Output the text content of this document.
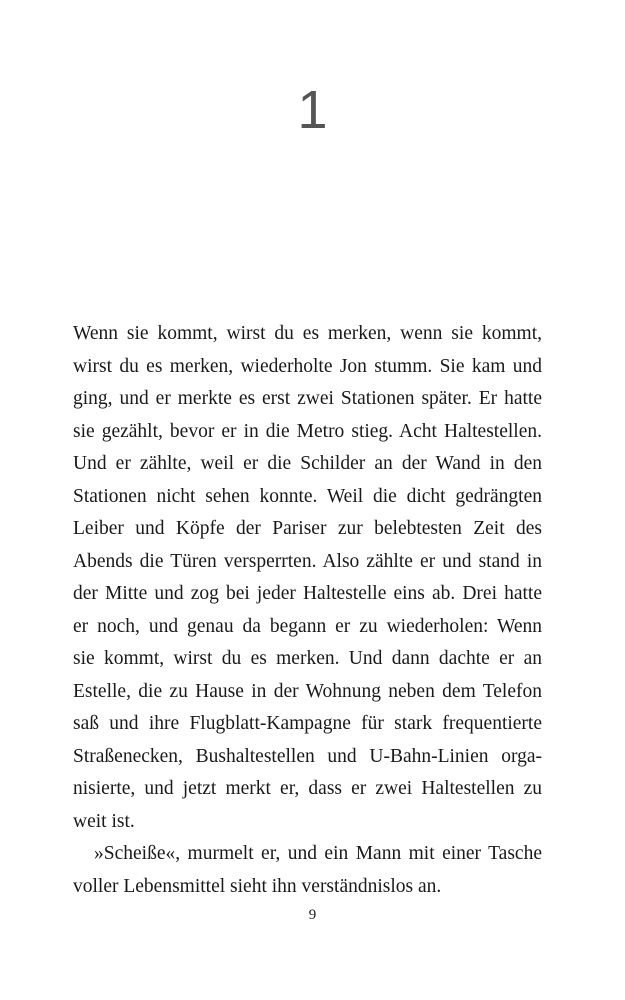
1
Wenn sie kommt, wirst du es merken, wenn sie kommt,
wirst du es merken, wiederholte Jon stumm. Sie kam und
ging, und er merkte es erst zwei Stationen später. Er hatte
sie gezählt, bevor er in die Metro stieg. Acht Haltestellen.
Und er zählte, weil er die Schilder an der Wand in den
Stationen nicht sehen konnte. Weil die dicht gedrängten
Leiber und Köpfe der Pariser zur belebtesten Zeit des
Abends die Türen versperrten. Also zählte er und stand in
der Mitte und zog bei jeder Haltestelle eins ab. Drei hatte
er noch, und genau da begann er zu wiederholen: Wenn
sie kommt, wirst du es merken. Und dann dachte er an
Estelle, die zu Hause in der Wohnung neben dem Telefon
saß und ihre Flugblatt-Kampagne für stark frequentierte
Straßenecken, Bushaltestellen und U-Bahn-Linien orga-
nisierte, und jetzt merkt er, dass er zwei Haltestellen zu
weit ist.
»Scheiße«, murmelt er, und ein Mann mit einer Tasche
voller Lebensmittel sieht ihn verständnislos an.
9
